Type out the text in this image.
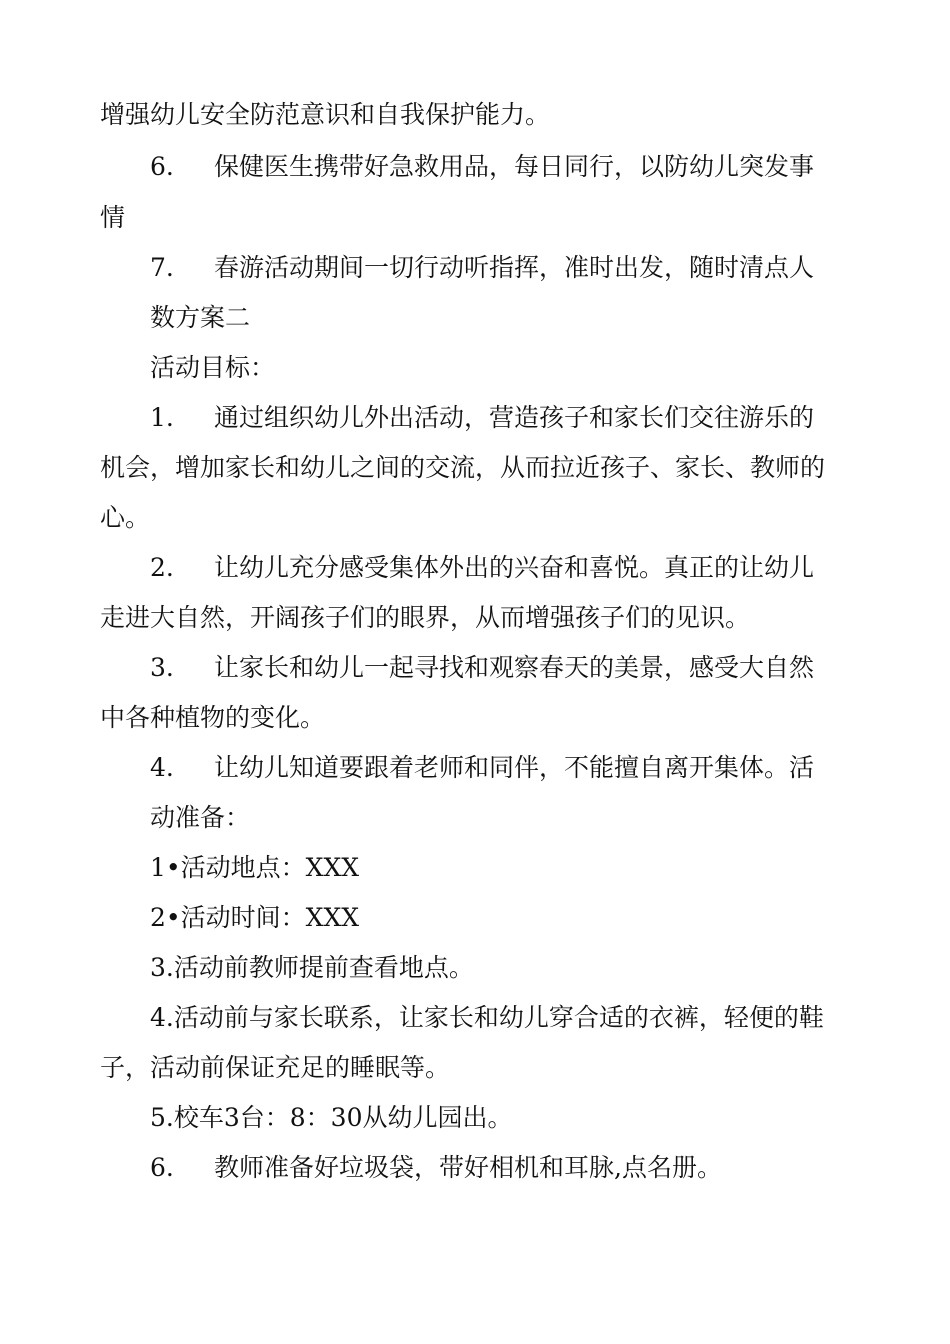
增强幼儿安全防范意识和自我保护能力。
6. 保健医生携带好急救用品，每日同行，以防幼儿突发事
情
7. 春游活动期间一切行动听指挥，准时出发，随时清点人
数方案二
活动目标：
1. 通过组织幼儿外出活动，营造孩子和家长们交往游乐的
机会，增加家长和幼儿之间的交流，从而拉近孩子、家长、教师的
心。
2. 让幼儿充分感受集体外出的兴奋和喜悦。真正的让幼儿
走进大自然，开阔孩子们的眼界，从而增强孩子们的见识。
3. 让家长和幼儿一起寻找和观察春天的美景，感受大自然
中各种植物的变化。
4. 让幼儿知道要跟着老师和同伴，不能擅自离开集体。活
动准备：
1•活动地点：XXX
2•活动时间：XXX
3.活动前教师提前查看地点。
4.活动前与家长联系，让家长和幼儿穿合适的衣裤，轻便的鞋
子，活动前保证充足的睡眠等。
5.校车3台：8：30从幼儿园出。
6. 教师准备好垃圾袋，带好相机和耳脉,点名册。
